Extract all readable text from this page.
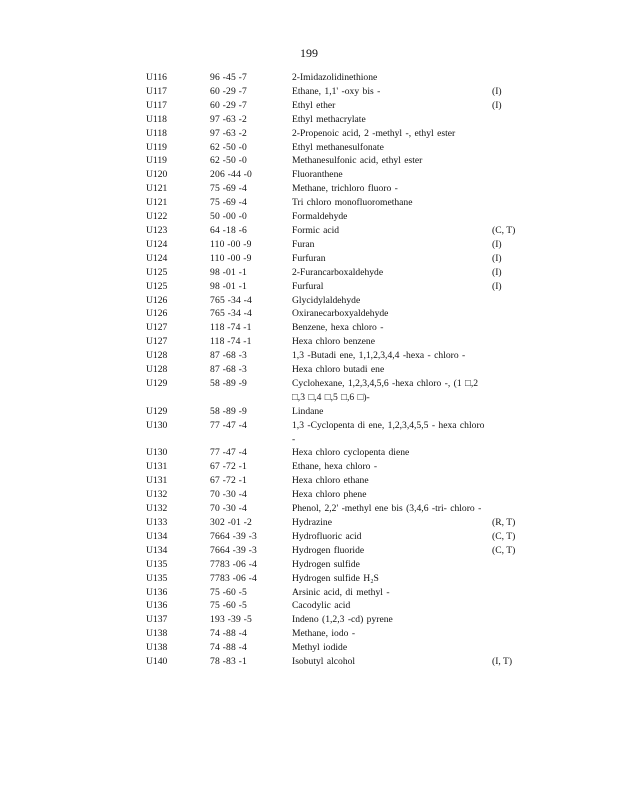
199
U116	96 -45 -7	2-Imidazolidinethione
U117	60 -29 -7	Ethane, 1,1' -oxy bis -	(I)
U117	60 -29 -7	Ethyl ether	(I)
U118	97 -63 -2	Ethyl methacrylate
U118	97 -63 -2	2-Propenoic acid, 2 -methyl -, ethyl ester
U119	62 -50 -0	Ethyl methanesulfonate
U119	62 -50 -0	Methanesulfonic acid, ethyl ester
U120	206 -44 -0	Fluoranthene
U121	75 -69 -4	Methane, trichloro fluoro -
U121	75 -69 -4	Tri chloro monofluoromethane
U122	50 -00 -0	Formaldehyde
U123	64 -18 -6	Formic acid	(C, T)
U124	110 -00 -9	Furan	(I)
U124	110 -00 -9	Furfuran	(I)
U125	98 -01 -1	2-Furancarboxaldehyde	(I)
U125	98 -01 -1	Furfural	(I)
U126	765 -34 -4	Glycidylaldehyde
U126	765 -34 -4	Oxiranecarboxyaldehyde
U127	118 -74 -1	Benzene, hexa chloro -
U127	118 -74 -1	Hexa chloro benzene
U128	87 -68 -3	1,3 -Butadi ene, 1,1,2,3,4,4 -hexa - chloro -
U128	87 -68 -3	Hexa chloro butadi ene
U129	58 -89 -9	Cyclohexane, 1,2,3,4,5,6 -hexa chloro -, (1 □,2 □,3 □,4 □,5 □,6 □)-
U129	58 -89 -9	Lindane
U130	77 -47 -4	1,3 -Cyclopenta di ene, 1,2,3,4,5,5 - hexa chloro -
U130	77 -47 -4	Hexa chloro cyclopenta diene
U131	67 -72 -1	Ethane, hexa chloro -
U131	67 -72 -1	Hexa chloro ethane
U132	70 -30 -4	Hexa chloro phene
U132	70 -30 -4	Phenol, 2,2' -methyl ene bis (3,4,6 -tri- chloro -
U133	302 -01 -2	Hydrazine	(R, T)
U134	7664 -39 -3	Hydrofluoric acid	(C, T)
U134	7664 -39 -3	Hydrogen fluoride	(C, T)
U135	7783 -06 -4	Hydrogen sulfide
U135	7783 -06 -4	Hydrogen sulfide H₂S
U136	75 -60 -5	Arsinic acid, di methyl -
U136	75 -60 -5	Cacodylic acid
U137	193 -39 -5	Indeno (1,2,3 -cd) pyrene
U138	74 -88 -4	Methane, iodo -
U138	74 -88 -4	Methyl iodide
U140	78 -83 -1	Isobutyl alcohol	(I, T)
